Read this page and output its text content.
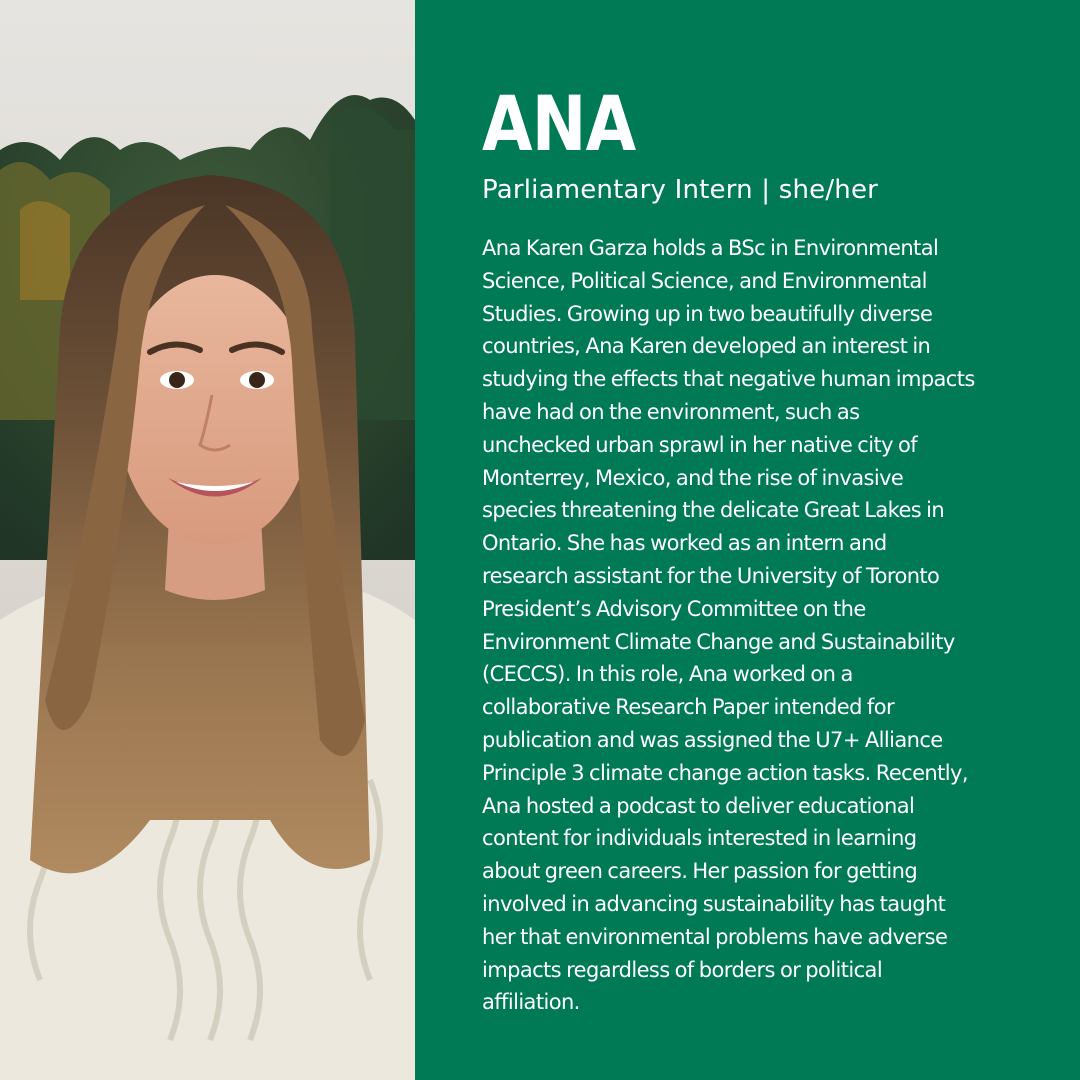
ANA
Parliamentary Intern | she/her
Ana Karen Garza holds a BSc in Environmental
Science, Political Science, and Environmental
Studies. Growing up in two beautifully diverse
countries, Ana Karen developed an interest in
studying the effects that negative human impacts
have had on the environment, such as
unchecked urban sprawl in her native city of
Monterrey, Mexico, and the rise of invasive
species threatening the delicate Great Lakes in
Ontario. She has worked as an intern and
research assistant for the University of Toronto
President’s Advisory Committee on the
Environment Climate Change and Sustainability
(CECCS). In this role, Ana worked on a
collaborative Research Paper intended for
publication and was assigned the U7+ Alliance
Principle 3 climate change action tasks. Recently,
Ana hosted a podcast to deliver educational
content for individuals interested in learning
about green careers. Her passion for getting
involved in advancing sustainability has taught
her that environmental problems have adverse
impacts regardless of borders or political
affiliation.
